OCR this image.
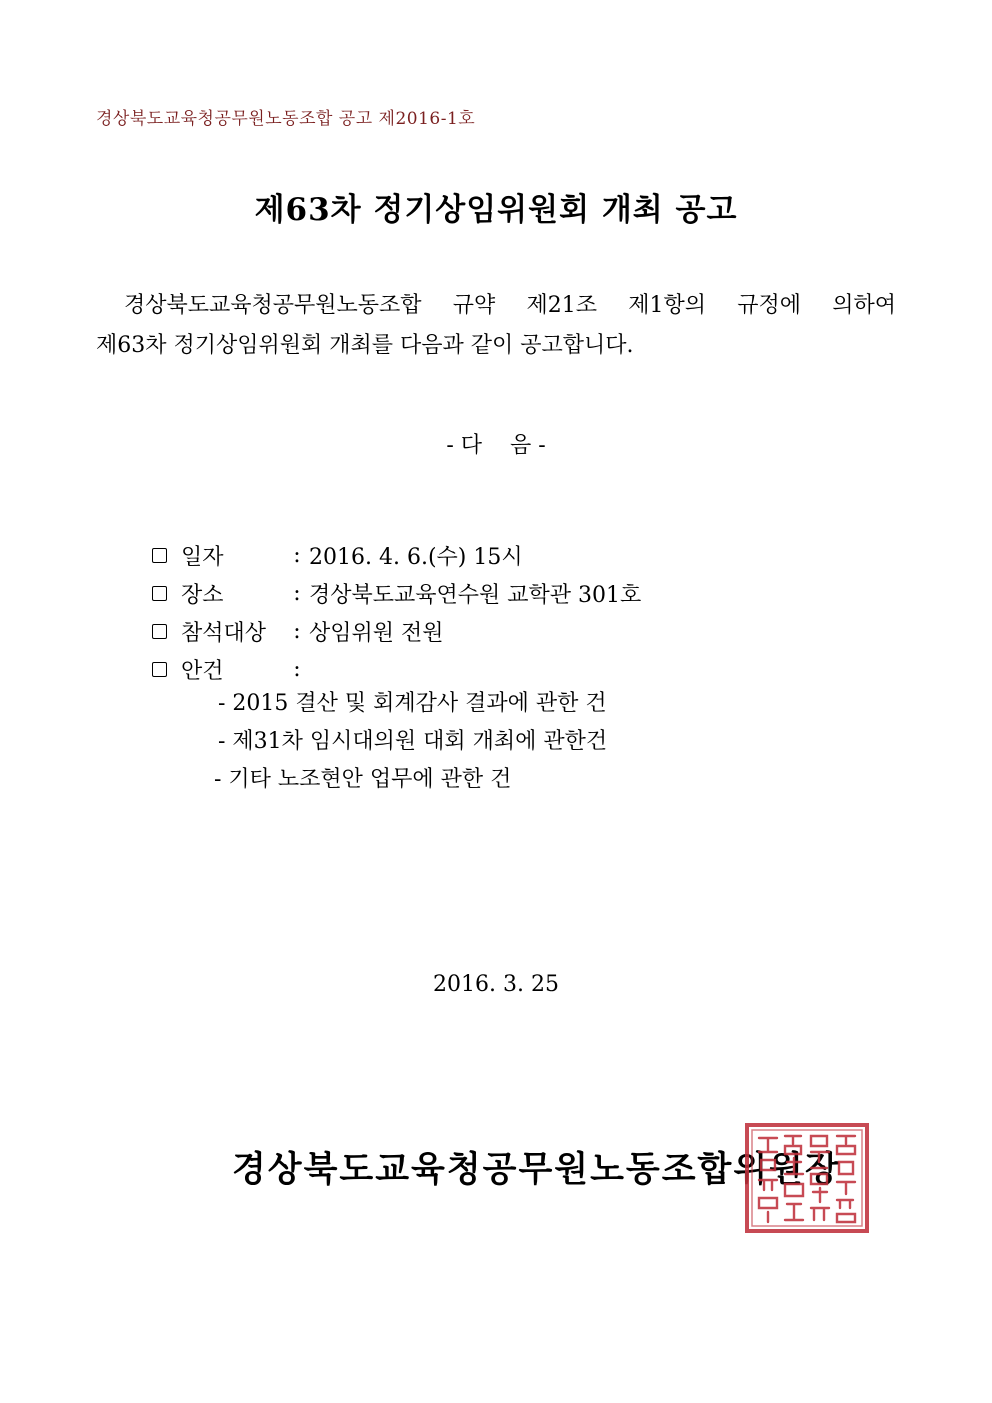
경상북도교육청공무원노동조합 공고 제2016-1호
제63차 정기상임위원회 개최 공고
경상북도교육청공무원노동조합 규약 제21조 제1항의 규정에 의하여
제63차 정기상임위원회 개최를 다음과 같이 공고합니다.
- 다    음 -
일자	: 2016. 4. 6.(수) 15시
장소	: 경상북도교육연수원 교학관 301호
참석대상	: 상임위원 전원
안건	:
- 2015 결산 및 회계감사 결과에 관한 건
- 제31차 임시대의원 대회 개최에 관한건
- 기타 노조현안 업무에 관한 건
2016. 3. 25
경상북도교육청공무원노동조합위원장
